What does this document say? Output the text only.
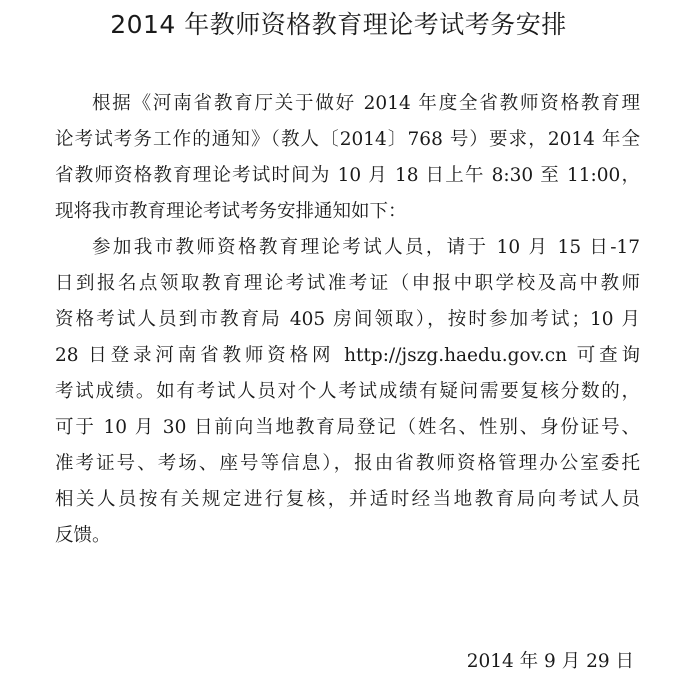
2014 年教师资格教育理论考试考务安排
根据《河南省教育厅关于做好 2014 年度全省教师资格教育理
论考试考务工作的通知》（教人〔2014〕768 号）要求，2014 年全
省教师资格教育理论考试时间为 10 月 18 日上午 8:30 至 11:00，
现将我市教育理论考试考务安排通知如下：
参加我市教师资格教育理论考试人员，请于 10 月 15 日-17
日到报名点领取教育理论考试准考证（申报中职学校及高中教师
资格考试人员到市教育局 405 房间领取），按时参加考试；10 月
28 日登录河南省教师资格网 http://jszg.haedu.gov.cn 可查询
考试成绩。如有考试人员对个人考试成绩有疑问需要复核分数的，
可于 10 月 30 日前向当地教育局登记（姓名、性别、身份证号、
准考证号、考场、座号等信息），报由省教师资格管理办公室委托
相关人员按有关规定进行复核，并适时经当地教育局向考试人员
反馈。
2014 年 9 月 29 日
